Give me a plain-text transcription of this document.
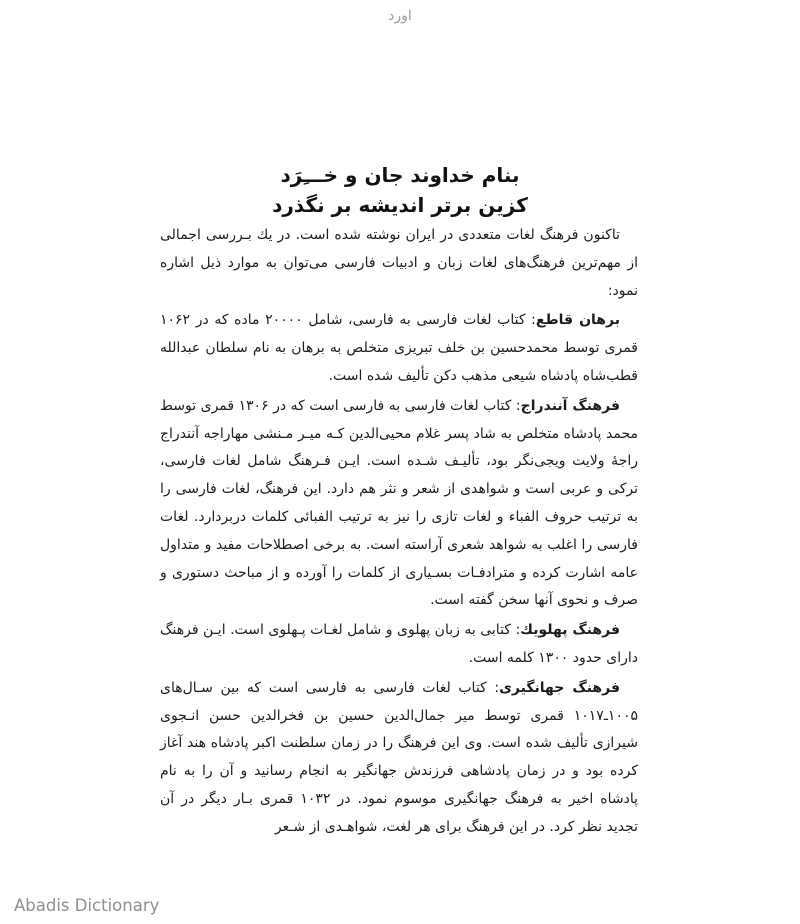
اورد
بنام خداوند جان و خـــِرَد
کزین برتر اندیشه بر نگذرد

تاکنون فرهنگ لغات متعددی در ایران نوشته شده است. در یك بـررسی اجمالی از مهم‌ترین فرهنگ‌های لغات زبان و ادبیات فارسی می‌توان به موارد ذیل اشاره نمود:

برهان قاطع: کتاب لغات فارسی به فارسی، شامل ۲۰۰۰۰ ماده که در ۱۰۶۲ قمری توسط محمدحسین بن خلف تبریزی متخلص به برهان به نام سلطان عبدالله قطب‌شاه پادشاه شیعی مذهب دکن تألیف شده است.

فرهنگ آنندراج: کتاب لغات فارسی به فارسی است که در ۱۳۰۶ قمری توسط محمد پادشاه متخلص به شاد پسر غلام محیی‌الدین کـه میـر مـنشی مهاراجه آنندراج راجهٔ ولایت ویجی‌نگر بود، تألیـف شـده است. ایـن فـرهنگ شامل لغات فارسی، ترکی و عربی است و شواهدی از شعر و نثر هم دارد. این فرهنگ، لغات فارسی را به ترتیب حروف الفباء و لغات تازی را نیز به ترتیب الفبائی کلمات دربردارد. لغات فارسی را اغلب به شواهد شعری آراسته است. به برخی اصطلاحات مفید و متداول عامه اشارت کرده و مترادفـات بسـیاری از کلمات را آورده و از مباحث دستوری و صرف و نحوی آنها سخن گفته است.

فرهنگ پهلویك: کتابی به زبان پهلوی و شامل لغـات پـهلوی است. ایـن فرهنگ دارای حدود ۱۳۰۰ کلمه است.

فرهنگ جهانگیری: کتاب لغات فارسی به فارسی است که بین سـال‌های ۱۰۰۵ـ۱۰۱۷ قمری توسط میر جمال‌الدین حسین بن فخرالدین حسن انـجوی شیرازی تألیف شده است. وی این فرهنگ را در زمان سلطنت اکبر پادشاه هند آغاز کرده بود و در زمان پادشاهی فرزندش جهانگیر به انجام رسانید و آن را به نام پادشاه اخیر به فرهنگ جهانگیری موسوم نمود. در ۱۰۳۲ قمری بـار دیگر در آن تجدید نظر کرد. در این فرهنگ برای هر لغت، شواهـدی از شـعر

Abadis Dictionary
